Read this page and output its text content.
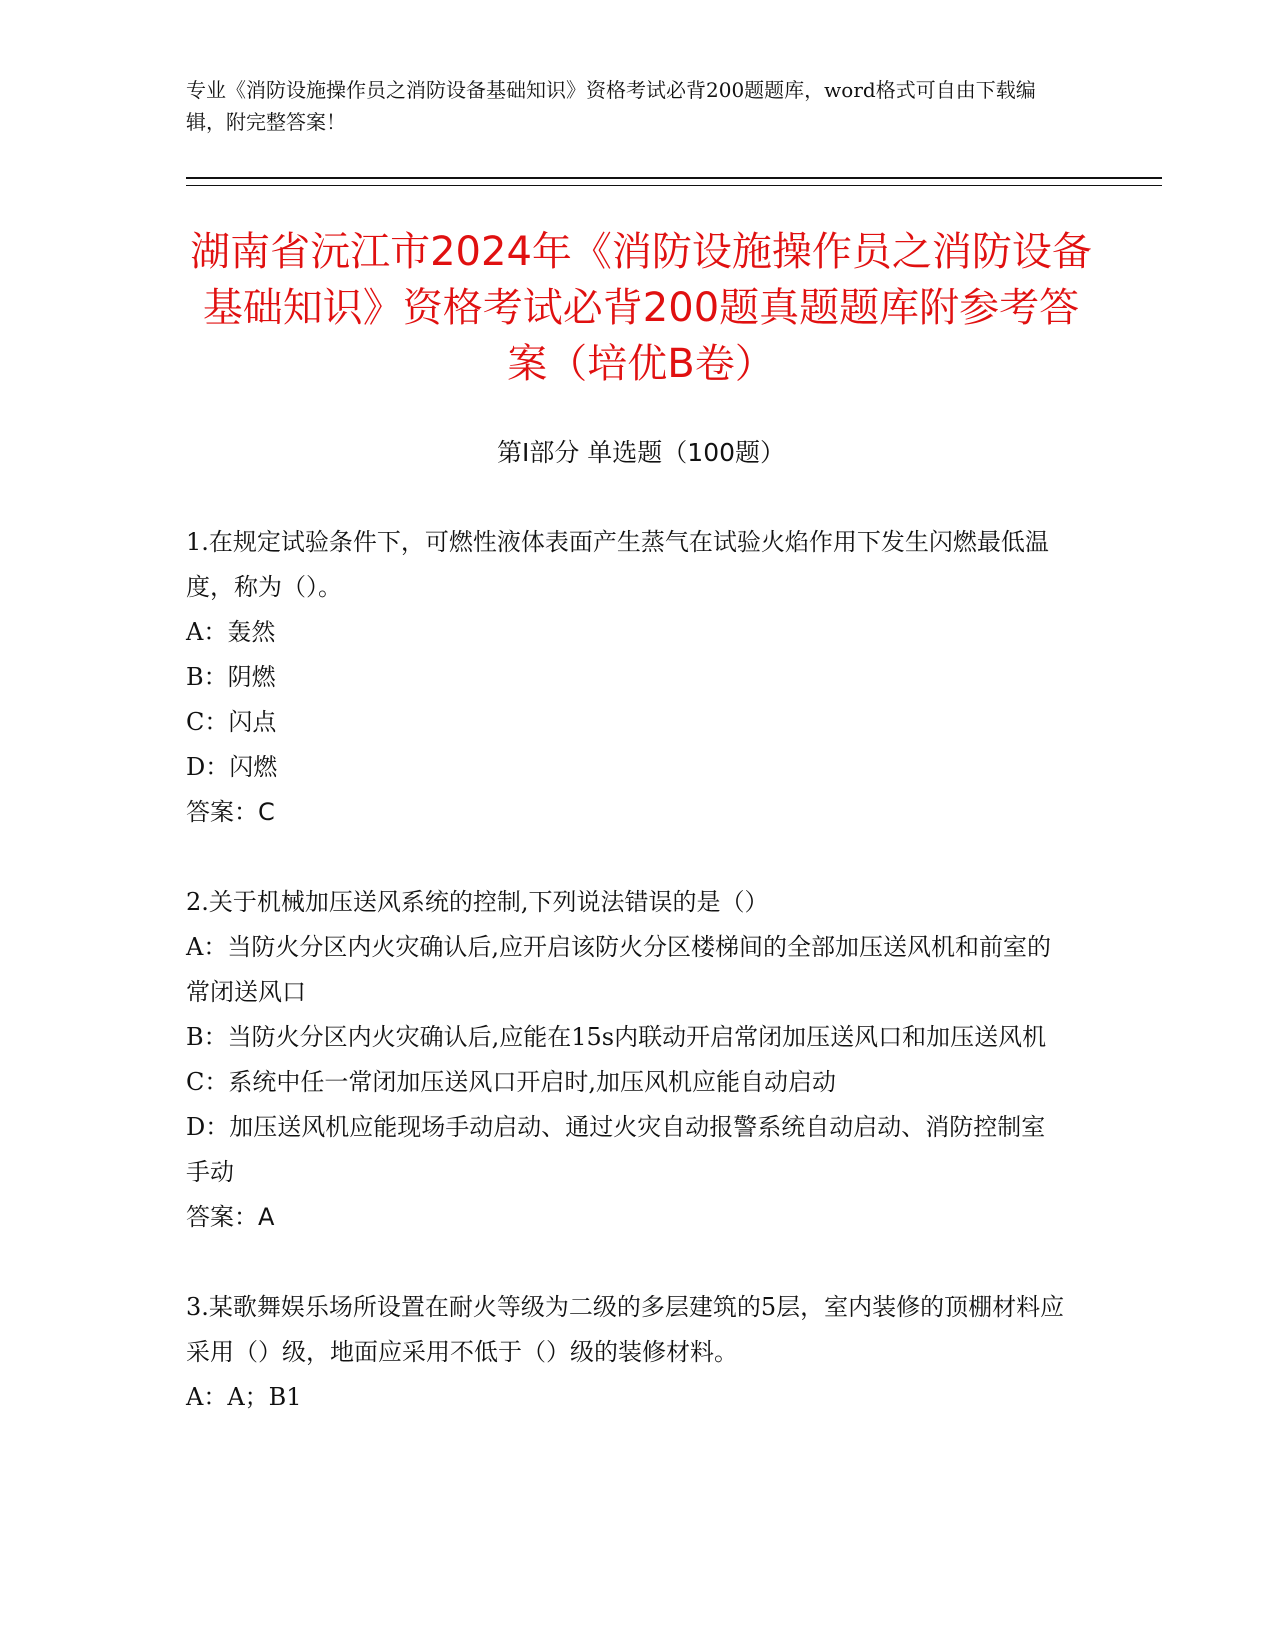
专业《消防设施操作员之消防设备基础知识》资格考试必背200题题库，word格式可自由下载编辑，附完整答案！
湖南省沅江市2024年《消防设施操作员之消防设备基础知识》资格考试必背200题真题题库附参考答案（培优B卷）
第I部分 单选题（100题）

1.在规定试验条件下，可燃性液体表面产生蒸气在试验火焰作用下发生闪燃最低温度，称为（）。

A：轰然

B：阴燃

C：闪点

D：闪燃

答案：C

2.关于机械加压送风系统的控制,下列说法错误的是（）

A：当防火分区内火灾确认后,应开启该防火分区楼梯间的全部加压送风机和前室的常闭送风口

B：当防火分区内火灾确认后,应能在15s内联动开启常闭加压送风口和加压送风机

C：系统中任一常闭加压送风口开启时,加压风机应能自动启动

D：加压送风机应能现场手动启动、通过火灾自动报警系统自动启动、消防控制室手动

答案：A

3.某歌舞娱乐场所设置在耐火等级为二级的多层建筑的5层，室内装修的顶棚材料应采用（）级，地面应采用不低于（）级的装修材料。

A：A；B1
